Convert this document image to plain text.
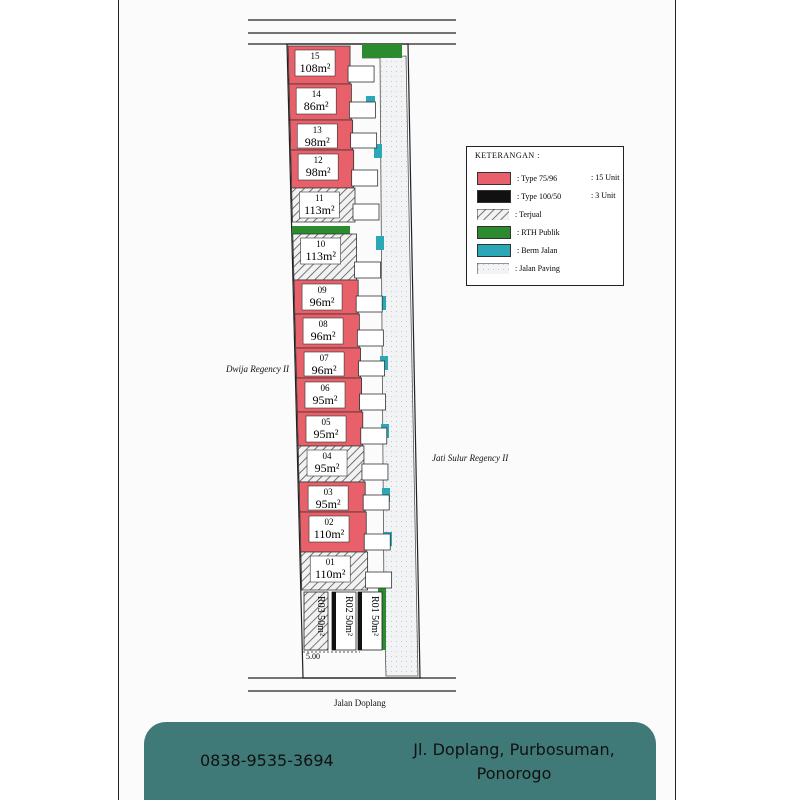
15
108m²
14
86m²
13
98m²
12
98m²
11
113m²
10
113m²
09
96m²
08
96m²
07
96m²
06
95m²
05
95m²
04
95m²
03
95m²
02
110m²
01
110m²
R03 50m² R02 50m² R01 50m²
5.00
Dwija Regency II
Jati Sulur Regency II
Jalan Doplang
KETERANGAN :
: Type 75/96	: 15 Unit
: Type 100/50	: 3 Unit
: Terjual
: RTH Publik
: Berm Jalan
: Jalan Paving
0838-9535-3694
Jl. Doplang, Purbosuman,
Ponorogo
